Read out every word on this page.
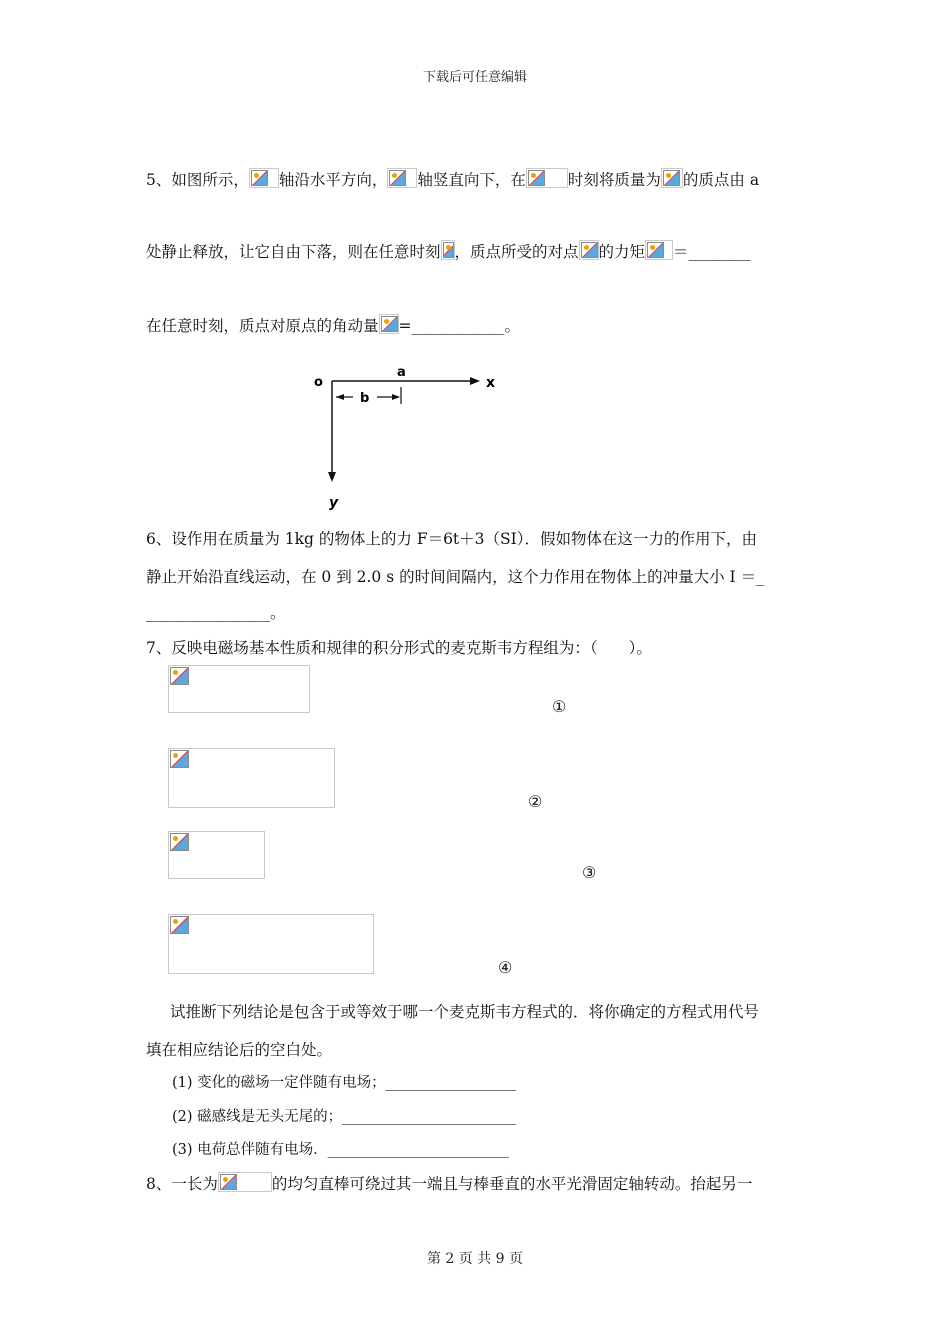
下载后可任意编辑
5、如图所示， 轴沿水平方向， 轴竖直向下，在	时刻将质量为 的质点由 a
处静止释放，让它自由下落，则在任意时刻 ，质点所受的对点 的力矩 ＝________
在任意时刻，质点对原点的角动量 =____________。
o
a
b
x
y
6、设作用在质量为 1kg 的物体上的力 F＝6t＋3（SI）．假如物体在这一力的作用下，由
静止开始沿直线运动，在 0 到 2.0 s 的时间间隔内，这个力作用在物体上的冲量大小 I ＝_
________________。
7、反映电磁场基本性质和规律的积分形式的麦克斯韦方程组为：（　　）。
①
②
③
④
试推断下列结论是包含于或等效于哪一个麦克斯韦方程式的．将你确定的方程式用代号
填在相应结论后的空白处。
(1) 变化的磁场一定伴随有电场；__________________
(2) 磁感线是无头无尾的；________________________
(3) 电荷总伴随有电场．_________________________
8、一长为	的均匀直棒可绕过其一端且与棒垂直的水平光滑固定轴转动。抬起另一
第 2 页 共 9 页
